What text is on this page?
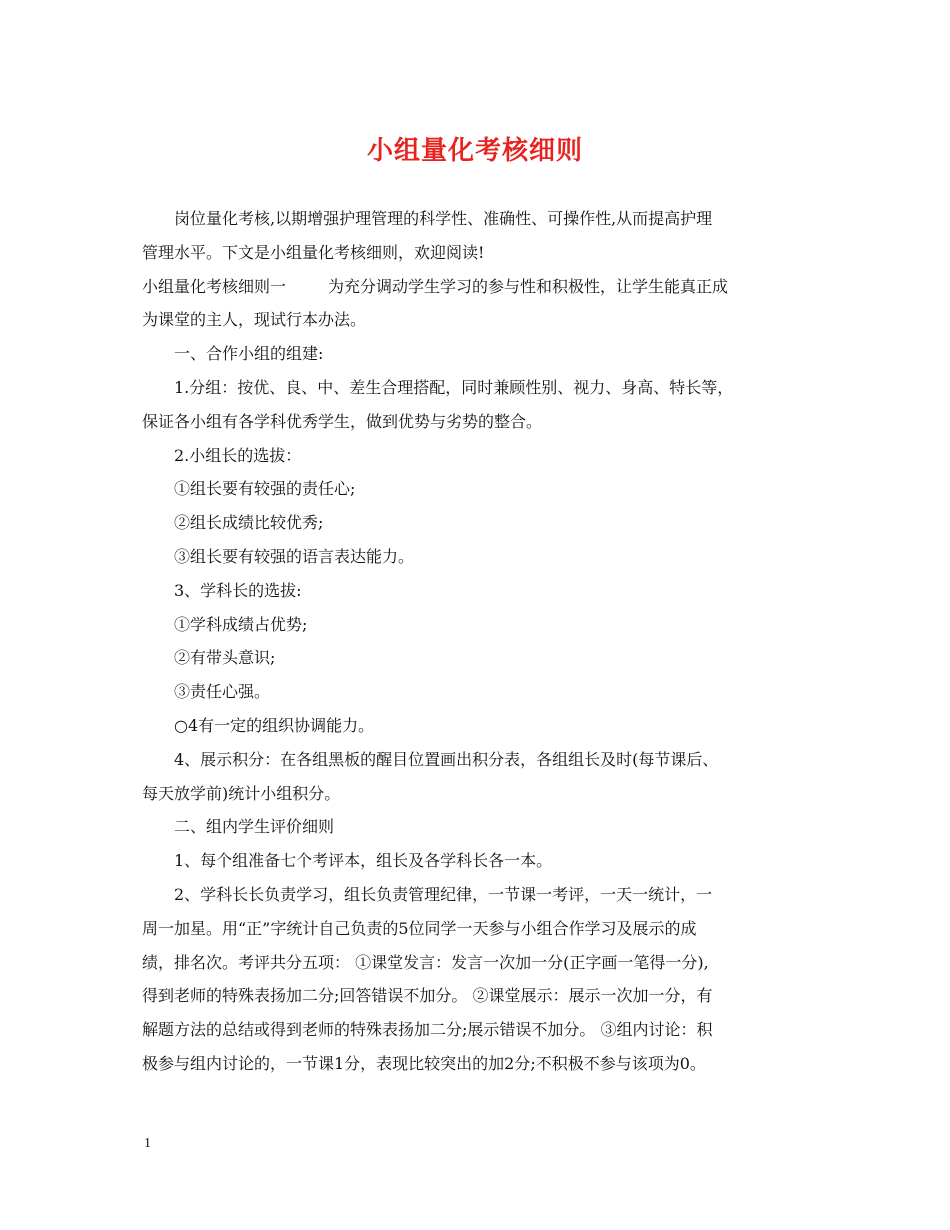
小组量化考核细则
岗位量化考核,以期增强护理管理的科学性、准确性、可操作性,从而提高护理
管理水平。下文是小组量化考核细则，欢迎阅读!
小组量化考核细则一	为充分调动学生学习的参与性和积极性，让学生能真正成
为课堂的主人，现试行本办法。
一、合作小组的组建:
1.分组：按优、良、中、差生合理搭配，同时兼顾性别、视力、身高、特长等，
保证各小组有各学科优秀学生，做到优势与劣势的整合。
2.小组长的选拔：
①组长要有较强的责任心;
②组长成绩比较优秀;
③组长要有较强的语言表达能力。
3、学科长的选拔:
①学科成绩占优势;
②有带头意识;
③责任心强。
○4有一定的组织协调能力。
4、展示积分：在各组黑板的醒目位置画出积分表，各组组长及时(每节课后、
每天放学前)统计小组积分。
二、组内学生评价细则
1、每个组准备七个考评本，组长及各学科长各一本。
2、学科长长负责学习，组长负责管理纪律，一节课一考评，一天一统计，一
周一加星。用“正”字统计自己负责的5位同学一天参与小组合作学习及展示的成
绩，排名次。考评共分五项： ①课堂发言：发言一次加一分(正字画一笔得一分),
得到老师的特殊表扬加二分;回答错误不加分。 ②课堂展示：展示一次加一分，有
解题方法的总结或得到老师的特殊表扬加二分;展示错误不加分。 ③组内讨论：积
极参与组内讨论的，一节课1分，表现比较突出的加2分;不积极不参与该项为0。
1
